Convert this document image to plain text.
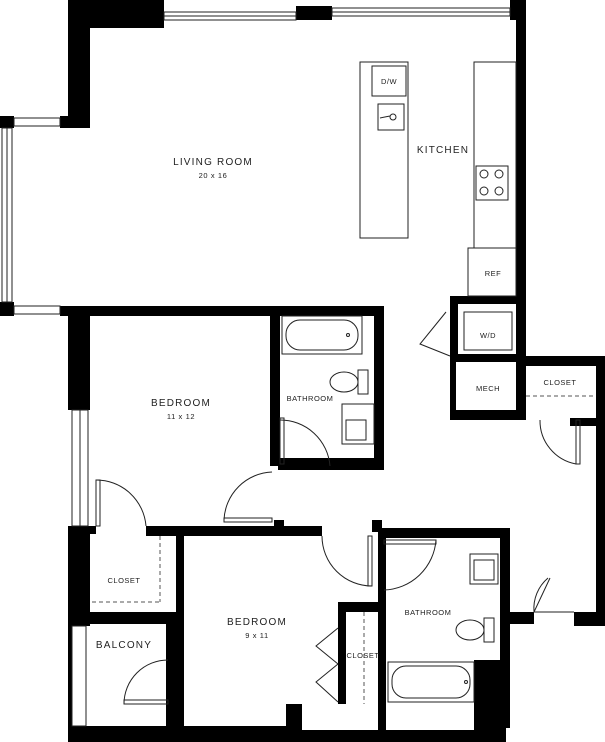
LIVING ROOM
20 x 16
KITCHEN
BEDROOM
11 x 12
BEDROOM
9 x 11
BATHROOM
BATHROOM
BALCONY
CLOSET
CLOSET
CLOSET
MECH
D/W
REF
W/D
